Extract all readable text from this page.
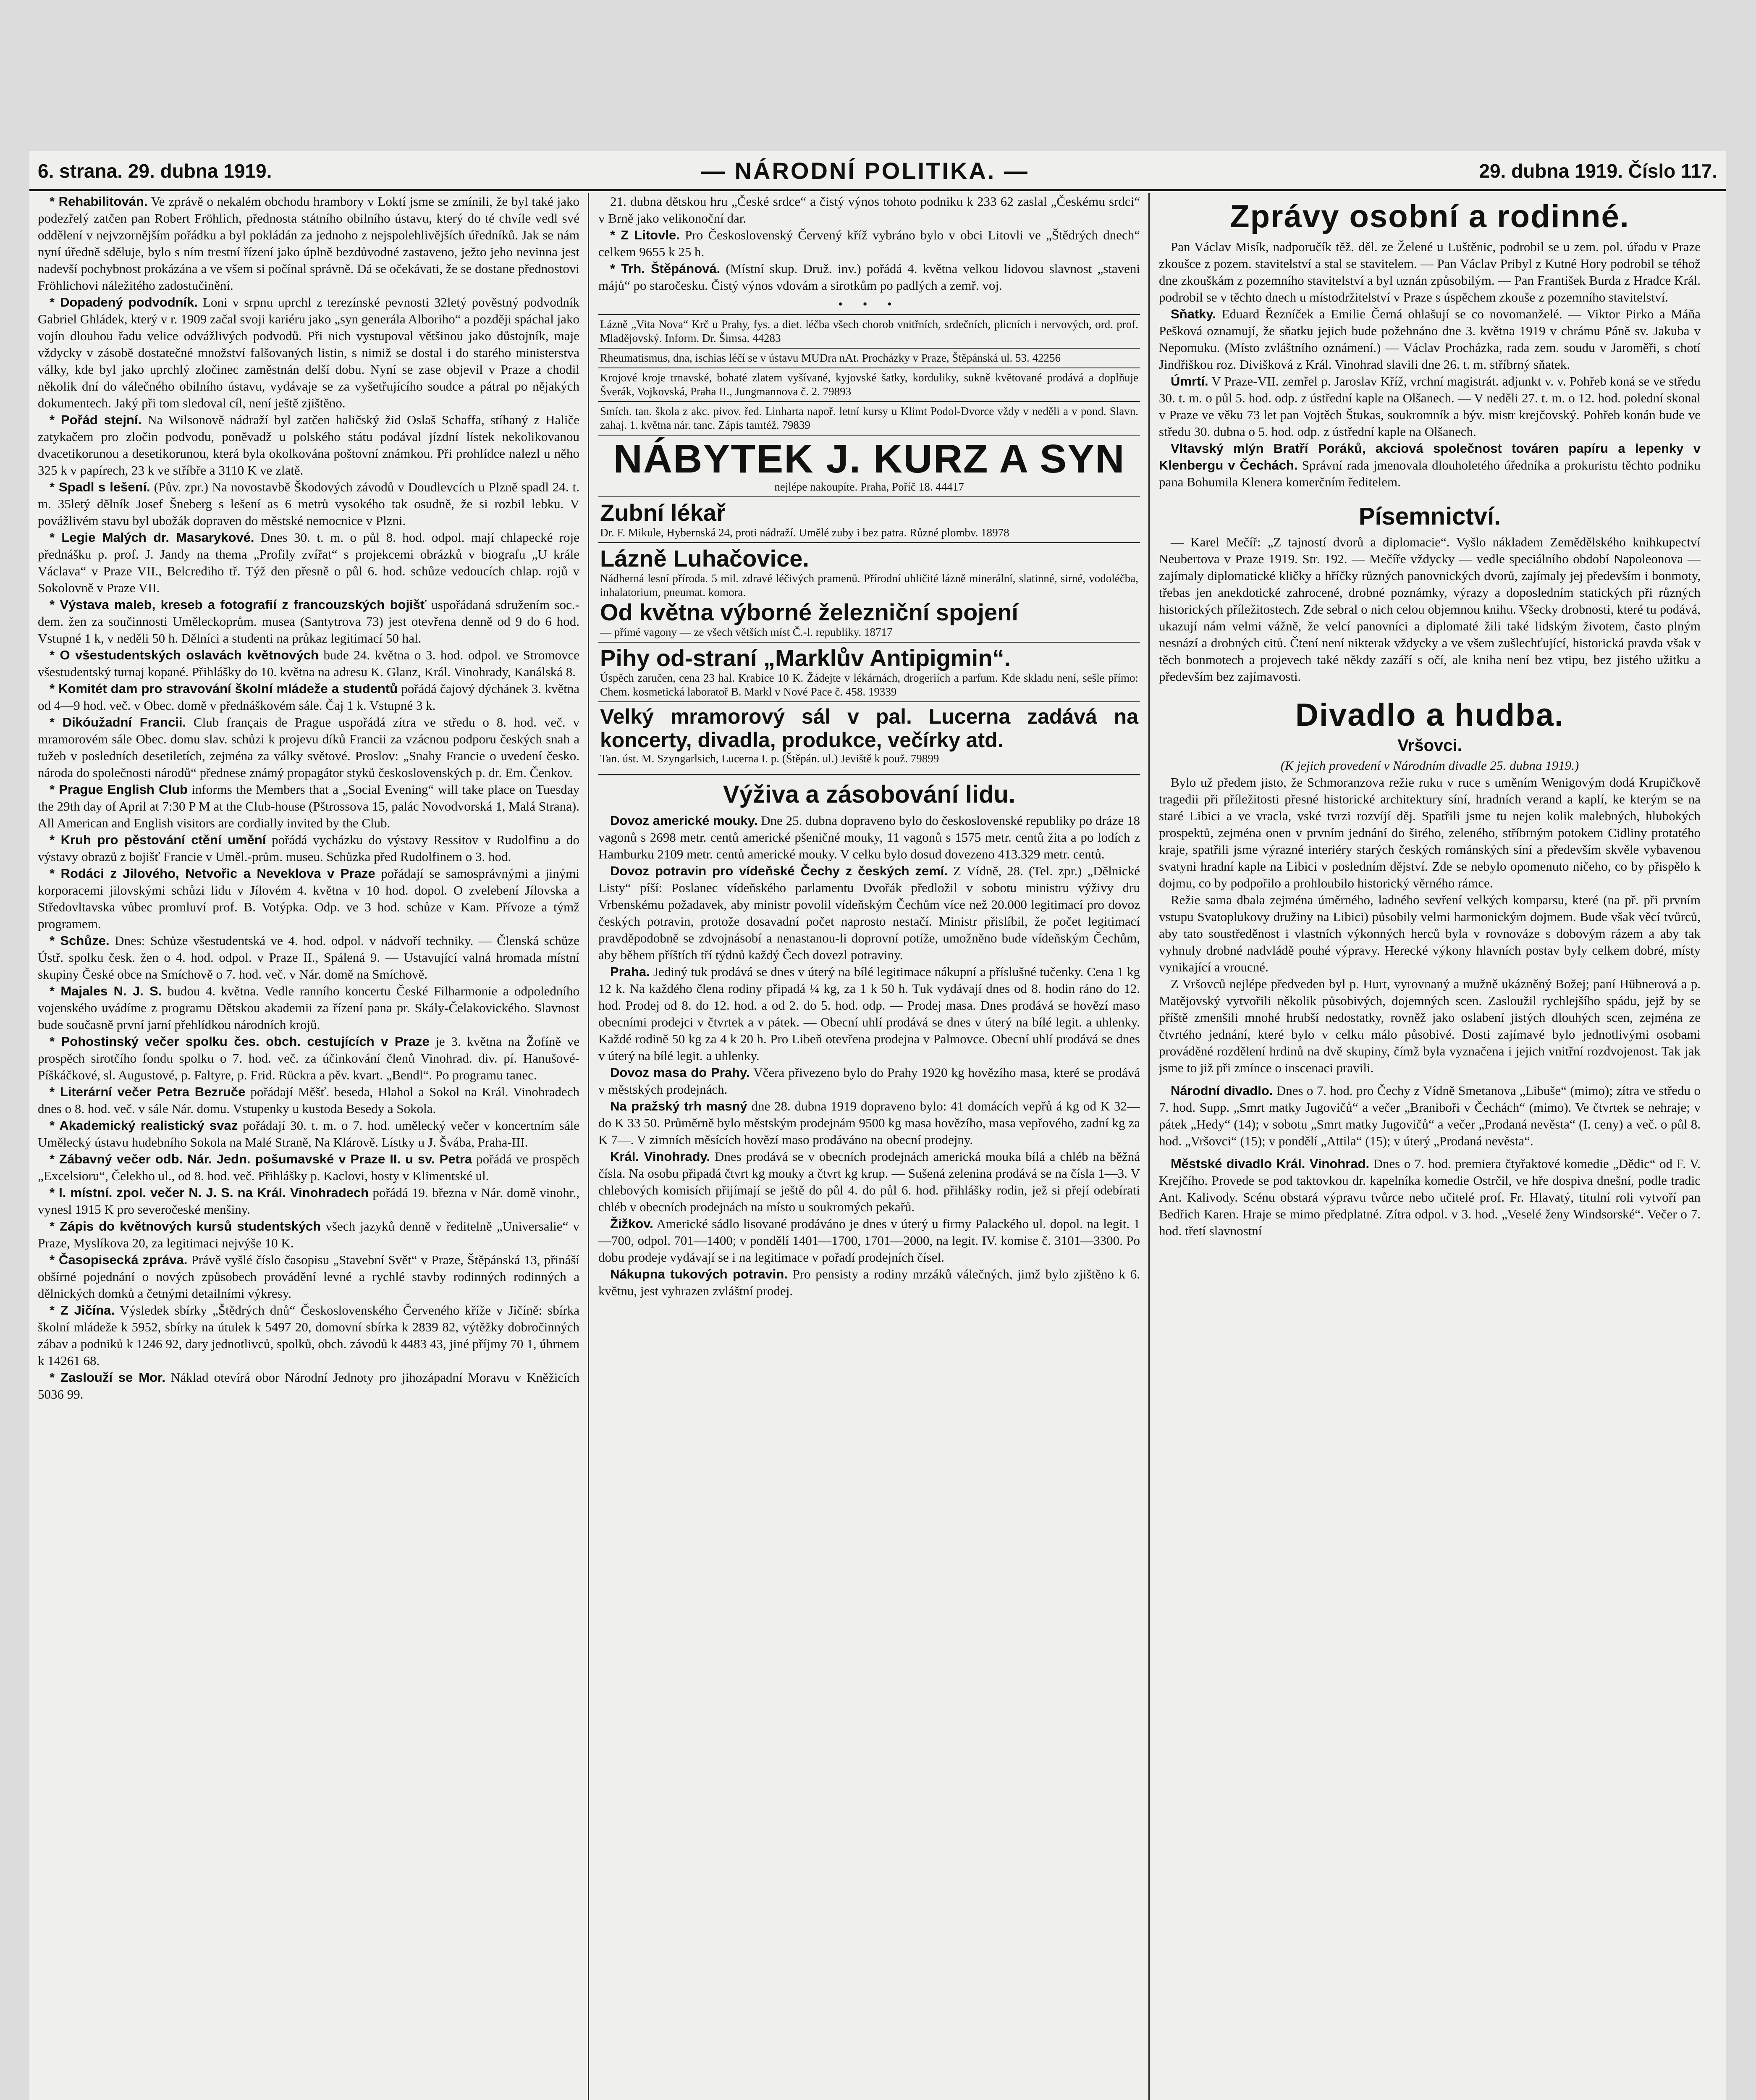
6. strana. 29. dubna 1919.	— NÁRODNÍ POLITIKA. —	29. dubna 1919. Číslo 117.

* Rehabilitován. Ve zprávě o nekalém obchodu hrambory v Loktí jsme se zmínili, že byl také jako podezřelý zatčen pan Robert Fröhlich, přednosta státního obilního ústavu, který do té chvíle vedl své oddělení v nejvzornějším pořádku a byl pokládán za jednoho z nejspolehlivějších úředníků. Jak se nám nyní úředně sděluje, bylo s ním trestní řízení jako úplně bezdůvodné zastaveno, ježto jeho nevinna jest nadevší pochybnost prokázána a ve všem si počínal správně. Dá se očekávati, že se dostane přednostovi Fröhlichovi náležitého zadostučinění.

* Dopadený podvodník. Loni v srpnu uprchl z terezínské pevnosti 32letý pověstný podvodník Gabriel Ghládek, který v r. 1909 začal svoji kariéru jako „syn generála Alboriho“ a později spáchal jako vojín dlouhou řadu velice odvážlivých podvodů. Při nich vystupoval většinou jako důstojník, maje vždycky v zásobě dostatečné množství falšovaných listin, s nimiž se dostal i do starého ministerstva války, kde byl jako uprchlý zločinec zaměstnán delší dobu. Nyní se zase objevil v Praze a chodil několik dní do válečného obilního ústavu, vydávaje se za vyšetřujícího soudce a pátral po nějakých dokumentech. Jaký při tom sledoval cíl, není ještě zjištěno.

* Pořád stejní. Na Wilsonově nádraží byl zatčen haličský žid Oslaš Schaffa, stíhaný z Haliče zatykačem pro zločin podvodu, poněvadž u polského státu podával jízdní lístek nekolikovanou dvacetikorunou a desetikorunou, která byla okolkována poštovní známkou. Při prohlídce nalezl u něho 325 k v papírech, 23 k ve stříbře a 3110 K ve zlatě.

* Spadl s lešení. (Pův. zpr.) Na novostavbě Škodových závodů v Doudlevcích u Plzně spadl 24. t. m. 35letý dělník Josef Šneberg s lešení as 6 metrů vysokého tak osudně, že si rozbil lebku. V povážlivém stavu byl ubožák dopraven do městské nemocnice v Plzni.

* Legie Malých dr. Masarykové. Dnes 30. t. m. o půl 8. hod. odpol. mají chlapecké roje přednášku p. prof. J. Jandy na thema „Profily zvířat“ s projekcemi obrázků v biografu „U krále Václava“ v Praze VII., Belcrediho tř. Týž den přesně o půl 6. hod. schůze vedoucích chlap. rojů v Sokolovně v Praze VII.

* Výstava maleb, kreseb a fotografií z francouzských bojišť uspořádaná sdružením soc.-dem. žen za součinnosti Uměleckoprům. musea (Santytrova 73) jest otevřena denně od 9 do 6 hod. Vstupné 1 k, v neděli 50 h. Dělníci a studenti na průkaz legitimací 50 hal.

* O všestudentských oslavách květnových bude 24. května o 3. hod. odpol. ve Stromovce všestudentský turnaj kopané. Přihlášky do 10. května na adresu K. Glanz, Král. Vinohrady, Kanálská 8.

* Komitét dam pro stravování školní mládeže a studentů pořádá čajový dýchánek 3. května od 4—9 hod. več. v Obec. domě v přednáškovém sále. Čaj 1 k. Vstupné 3 k.

* Dikóužadní Francii. Club français de Prague uspořádá zítra ve středu o 8. hod. več. v mramorovém sále Obec. domu slav. schůzi k projevu díků Francii za vzácnou podporu českých snah a tužeb v posledních desetiletích, zejména za války světové. Proslov: „Snahy Francie o uvedení česko. národa do společnosti národů“ přednese známý propagátor styků československých p. dr. Em. Čenkov.

* Prague English Club informs the Members that a „Social Evening“ will take place on Tuesday the 29th day of April at 7:30 P M at the Club-house (Pštrossova 15, palác Novodvorská 1, Malá Strana). All American and English visitors are cordially invited by the Club.

* Kruh pro pěstování ctění umění pořádá vycházku do výstavy Ressitov v Rudolfinu a do výstavy obrazů z bojišť Francie v Uměl.-prům. museu. Schůzka před Rudolfinem o 3. hod.

* Rodáci z Jilového, Netvořic a Neveklova v Praze pořádají se samosprávnými a jinými korporacemi jilovskými schůzi lidu v Jílovém 4. května v 10 hod. dopol. O zvelebení Jílovska a Středovltavska vůbec promluví prof. B. Votýpka. Odp. ve 3 hod. schůze v Kam. Přívoze a týmž programem.

* Schůze. Dnes: Schůze všestudentská ve 4. hod. odpol. v nádvoří techniky. — Členská schůze Ústř. spolku česk. žen o 4. hod. odpol. v Praze II., Spálená 9. — Ustavující valná hromada místní skupiny České obce na Smíchově o 7. hod. več. v Nár. domě na Smíchově.

* Majales N. J. S. budou 4. května. Vedle ranního koncertu České Filharmonie a odpoledního vojenského uvádíme z programu Dětskou akademii za řízení pana pr. Skály-Čelakovického. Slavnost bude současně první jarní přehlídkou národních krojů.

* Pohostinský večer spolku čes. obch. cestujících v Praze je 3. května na Žofíně ve prospěch sirotčího fondu spolku o 7. hod. več. za účinkování členů Vinohrad. div. pí. Hanušové-Píškáčkové, sl. Augustové, p. Faltyre, p. Frid. Rückra a pěv. kvart. „Bendl“. Po programu tanec.

* Literární večer Petra Bezruče pořádají Měšť. beseda, Hlahol a Sokol na Král. Vinohradech dnes o 8. hod. več. v sále Nár. domu. Vstupenky u kustoda Besedy a Sokola.

* Akademický realistický svaz pořádají 30. t. m. o 7. hod. umělecký večer v koncertním sále Umělecký ústavu hudebního Sokola na Malé Straně, Na Klárově. Lístky u J. Švába, Praha-III.

* Zábavný večer odb. Nár. Jedn. pošumavské v Praze II. u sv. Petra pořádá ve prospěch „Excelsioru“, Čelekho ul., od 8. hod. več. Přihlášky p. Kaclovi, hosty v Klimentské ul.

* I. místní. zpol. večer N. J. S. na Král. Vinohradech pořádá 19. března v Nár. domě vinohr., vynesl 1915 K pro severočeské menšiny.

* Zápis do květnových kursů studentských všech jazyků denně v ředitelně „Universalie“ v Praze, Myslíkova 20, za legitimaci nejvýše 10 K.

* Časopisecká zpráva. Právě vyšlé číslo časopisu „Stavební Svět“ v Praze, Štěpánská 13, přináší obšírné pojednání o nových způsobech provádění levné a rychlé stavby rodinných rodinných a dělnických domků a četnými detailními výkresy.

* Z Jičína. Výsledek sbírky „Štědrých dnů“ Československého Červeného kříže v Jičíně: sbírka školní mládeže k 5952, sbírky na útulek k 5497 20, domovní sbírka k 2839 82, výtěžky dobročinných zábav a podniků k 1246 92, dary jednotlivců, spolků, obch. závodů k 4483 43, jiné příjmy 70 1, úhrnem k 14261 68.

* Zaslouží se Mor. Náklad otevírá obor Národní Jednoty pro jihozápadní Moravu v Kněžicích 5036 99.

21. dubna dětskou hru „České srdce“ a čistý výnos tohoto podniku k 233 62 zaslal „Českému srdci“ v Brně jako velikonoční dar.

* Z Litovle. Pro Československý Červený kříž vybráno bylo v obci Litovli ve „Štědrých dnech“ celkem 9655 k 25 h.

* Trh. Štěpánová. (Místní skup. Druž. inv.) pořádá 4. května velkou lidovou slavnost „staveni májů“ po staročesku. Čistý výnos vdovám a sirotkům po padlých a zemř. voj.

• • •
Lázně „Vita Nova“ Krč u Prahy, fys. a diet. léčba všech chorob vnitřních, srdečních, plicních i nervových, ord. prof. Mladějovský. Inform. Dr. Šimsa. 44283
Rheumatismus, dna, ischias léčí se v ústavu MUDra nAt. Procházky v Praze, Štěpánská ul. 53. 42256
Krojové kroje trnavské, bohaté zlatem vyšívané, kyjovské šatky, korduliky, sukně květované prodává a doplňuje Šverák, Vojkovská, Praha II., Jungmannova č. 2. 79893
Smích. tan. škola z akc. pivov. řed. Linharta napoř. letní kursy u Klimt Podol-Dvorce vždy v neděli a v pond. Slavn. zahaj. 1. května nár. tanc. Zápis tamtéž. 79839
NÁBYTEK J. KURZ A SYN
nejlépe nakoupíte. Praha, Poříč 18. 44417
Zubní lékař
Dr. F. Mikule, Hybernská 24, proti nádraží. Umělé zuby i bez patra. Různé plombv. 18978
Lázně Luhačovice.
Nádherná lesní příroda. 5 mil. zdravé léčivých pramenů. Přírodní uhličité lázně minerální, slatinné, sirné, vodoléčba, inhalatorium, pneumat. komora.
Od května výborné železniční spojení
— přímé vagony — ze všech větších míst Č.-l. republiky. 18717
Pihy od-straní „Marklův Antipigmin“.
Úspěch zaručen, cena 23 hal. Krabice 10 K. Žádejte v lékárnách, drogeriích a parfum. Kde skladu není, sešle přímo: Chem. kosmetická laboratoř B. Markl v Nové Pace č. 458. 19339
Velký mramorový sál v pal. Lucerna zadává na koncerty, divadla, produkce, večírky atd.
Tan. úst. M. Szyngarlsich, Lucerna I. p. (Štěpán. ul.) Jeviště k použ. 79899
Výživa a zásobování lidu.

Dovoz americké mouky. Dne 25. dubna dopraveno bylo do československé republiky po dráze 18 vagonů s 2698 metr. centů americké pšeničné mouky, 11 vagonů s 1575 metr. centů žita a po lodích z Hamburku 2109 metr. centů americké mouky. V celku bylo dosud dovezeno 413.329 metr. centů.

Dovoz potravin pro vídeňské Čechy z českých zemí. Z Vídně, 28. (Tel. zpr.) „Dělnické Listy“ píší: Poslanec vídeňského parlamentu Dvořák předložil v sobotu ministru výživy dru Vrbenskému požadavek, aby ministr povolil vídeňským Čechům více než 20.000 legitimací pro dovoz českých potravin, protože dosavadní počet naprosto nestačí. Ministr přislíbil, že počet legitimací pravděpodobně se zdvojnásobí a nenastanou-li doprovní potíže, umožněno bude vídeňským Čechům, aby během příštích tří týdnů každý Čech dovezl potraviny.

Praha. Jediný tuk prodává se dnes v úterý na bílé legitimace nákupní a příslušné tučenky. Cena 1 kg 12 k. Na každého člena rodiny připadá ¼ kg, za 1 k 50 h. Tuk vydávají dnes od 8. hodin ráno do 12. hod. Prodej od 8. do 12. hod. a od 2. do 5. hod. odp. — Prodej masa. Dnes prodává se hovězí maso obecními prodejci v čtvrtek a v pátek. — Obecní uhlí prodává se dnes v úterý na bílé legit. a uhlenky. Každé rodině 50 kg za 4 k 20 h. Pro Libeň otevřena prodejna v Palmovce. Obecní uhlí prodává se dnes v úterý na bílé legit. a uhlenky.

Dovoz masa do Prahy. Včera přivezeno bylo do Prahy 1920 kg hovězího masa, které se prodává v městských prodejnách.

Na pražský trh masný dne 28. dubna 1919 dopraveno bylo: 41 domácích vepřů á kg od K 32— do K 33 50. Průměrně bylo městským prodejnám 9500 kg masa hovězího, masa vepřového, zadní kg za K 7—. V zimních měsících hovězí maso prodáváno na obecní prodejny.

Král. Vinohrady. Dnes prodává se v obecních prodejnách americká mouka bílá a chléb na běžná čísla. Na osobu připadá čtvrt kg mouky a čtvrt kg krup. — Sušená zelenina prodává se na čísla 1—3. V chlebových komisích přijímají se ještě do půl 4. do půl 6. hod. přihlášky rodin, jež si přejí odebírati chléb v obecních prodejnách na místo u soukromých pekařů.

Žižkov. Americké sádlo lisované prodáváno je dnes v úterý u firmy Palackého ul. dopol. na legit. 1—700, odpol. 701—1400; v pondělí 1401—1700, 1701—2000, na legit. IV. komise č. 3101—3300. Po dobu prodeje vydávají se i na legitimace v pořadí prodejních čísel.

Nákupna tukových potravin. Pro pensisty a rodiny mrzáků válečných, jimž bylo zjištěno k 6. květnu, jest vyhrazen zvláštní prodej.

Zprávy osobní a rodinné.

Pan Václav Misík, nadporučík těž. děl. ze Želené u Luštěnic, podrobil se u zem. pol. úřadu v Praze zkoušce z pozem. stavitelství a stal se stavitelem. — Pan Václav Pribyl z Kutné Hory podrobil se téhož dne zkouškám z pozemního stavitelství a byl uznán způsobilým. — Pan František Burda z Hradce Král. podrobil se v těchto dnech u místodržitelství v Praze s úspěchem zkouše z pozemního stavitelství.

Sňatky. Eduard Řezníček a Emilie Černá ohlašují se co novomanželé. — Viktor Pirko a Máňa Pešková oznamují, že sňatku jejich bude požehnáno dne 3. května 1919 v chrámu Páně sv. Jakuba v Nepomuku. (Místo zvláštního oznámení.) — Václav Procházka, rada zem. soudu v Jaroměři, s chotí Jindřiškou roz. Divišková z Král. Vinohrad slavili dne 26. t. m. stříbrný sňatek.

Úmrtí. V Praze-VII. zemřel p. Jaroslav Kříž, vrchní magistrát. adjunkt v. v. Pohřeb koná se ve středu 30. t. m. o půl 5. hod. odp. z ústřední kaple na Olšanech. — V neděli 27. t. m. o 12. hod. polední skonal v Praze ve věku 73 let pan Vojtěch Štukas, soukromník a býv. mistr krejčovský. Pohřeb konán bude ve středu 30. dubna o 5. hod. odp. z ústřední kaple na Olšanech.

Vltavský mlýn Bratří Poráků, akciová společnost továren papíru a lepenky v Klenbergu v Čechách. Správní rada jmenovala dlouholetého úředníka a prokuristu těchto podniku pana Bohumila Klenera komerčním ředitelem.

Písemnictví.

— Karel Mečíř: „Z tajností dvorů a diplomacie“. Vyšlo nákladem Zemědělského knihkupectví Neubertova v Praze 1919. Str. 192. — Mečíře vždycky — vedle speciálního období Napoleonova — zajímaly diplomatické kličky a hříčky různých panovnických dvorů, zajímaly jej především i bonmoty, třebas jen anekdotické zahrocené, drobné poznámky, výrazy a doposledním statických při různých historických příležitostech. Zde sebral o nich celou objemnou knihu. Všecky drobnosti, které tu podává, ukazují nám velmi vážně, že velcí panovníci a diplomaté žili také lidským životem, často plným nesnází a drobných citů. Čtení není nikterak vždycky a ve všem zušlechťující, historická pravda však v těch bonmotech a projevech také někdy zazáří s očí, ale kniha není bez vtipu, bez jistého užitku a především bez zajímavosti.

Divadlo a hudba.
Vršovci.
(K jejich provedení v Národním divadle 25. dubna 1919.)

Bylo už předem jisto, že Schmoranzova režie ruku v ruce s uměním Wenigovým dodá Krupičkově tragedii při příležitosti přesné historické architektury síní, hradních verand a kaplí, ke kterým se na staré Libici a ve vracla, vské tvrzi rozvíjí děj. Spatřili jsme tu nejen kolik malebných, hlubokých prospektů, zejména onen v prvním jednání do širého, zeleného, stříbrným potokem Cidliny protatého kraje, spatřili jsme výrazné interiéry starých českých románských síní a především skvěle vybavenou svatyni hradní kaple na Libici v posledním dějství. Zde se nebylo opomenuto ničeho, co by přispělo k dojmu, co by podpořilo a prohloubilo historický věrného rámce.

Režie sama dbala zejména úměrného, ladného sevření velkých komparsu, které (na př. při prvním vstupu Svatoplukovy družiny na Libici) působily velmi harmonickým dojmem. Bude však věcí tvůrců, aby tato soustředěnost i vlastních výkonných herců byla v rovnováze s dobovým rázem a aby tak vyhnuly drobné nadvládě pouhé výpravy. Herecké výkony hlavních postav byly celkem dobré, místy vynikající a vroucné.

Z Vršovců nejlépe předveden byl p. Hurt, vyrovnaný a mužně ukázněný Božej; paní Hübnerová a p. Matějovský vytvořili několik působivých, dojemných scen. Zasloužil rychlejšího spádu, jejž by se příště zmenšili mnohé hrubší nedostatky, rovněž jako oslabení jistých dlouhých scen, zejména ze čtvrtého jednání, které bylo v celku málo působivé. Dosti zajímavé bylo jednotlivými osobami prováděné rozdělení hrdinů na dvě skupiny, čímž byla vyznačena i jejich vnitřní rozdvojenost. Tak jak jsme to již při zmínce o inscenaci pravili.

Národní divadlo. Dnes o 7. hod. pro Čechy z Vídně Smetanova „Libuše“ (mimo); zítra ve středu o 7. hod. Supp. „Smrt matky Jugovičů“ a večer „Braniboři v Čechách“ (mimo). Ve čtvrtek se nehraje; v pátek „Hedy“ (14); v sobotu „Smrt matky Jugovičů“ a večer „Prodaná nevěsta“ (I. ceny) a več. o půl 8. hod. „Vršovci“ (15); v pondělí „Attila“ (15); v úterý „Prodaná nevěsta“.

Městské divadlo Král. Vinohrad. Dnes o 7. hod. premiera čtyřaktové komedie „Dědic“ od F. V. Krejčího. Provede se pod taktovkou dr. kapelníka komedie Ostrčil, ve hře dospiva dnešní, podle tradic Ant. Kalivody. Scénu obstará výpravu tvůrce nebo učitelé prof. Fr. Hlavatý, titulní roli vytvoří pan Bedřich Karen. Hraje se mimo předplatné. Zítra odpol. v 3. hod. „Veselé ženy Windsorské“. Večer o 7. hod. třetí slavnostní
